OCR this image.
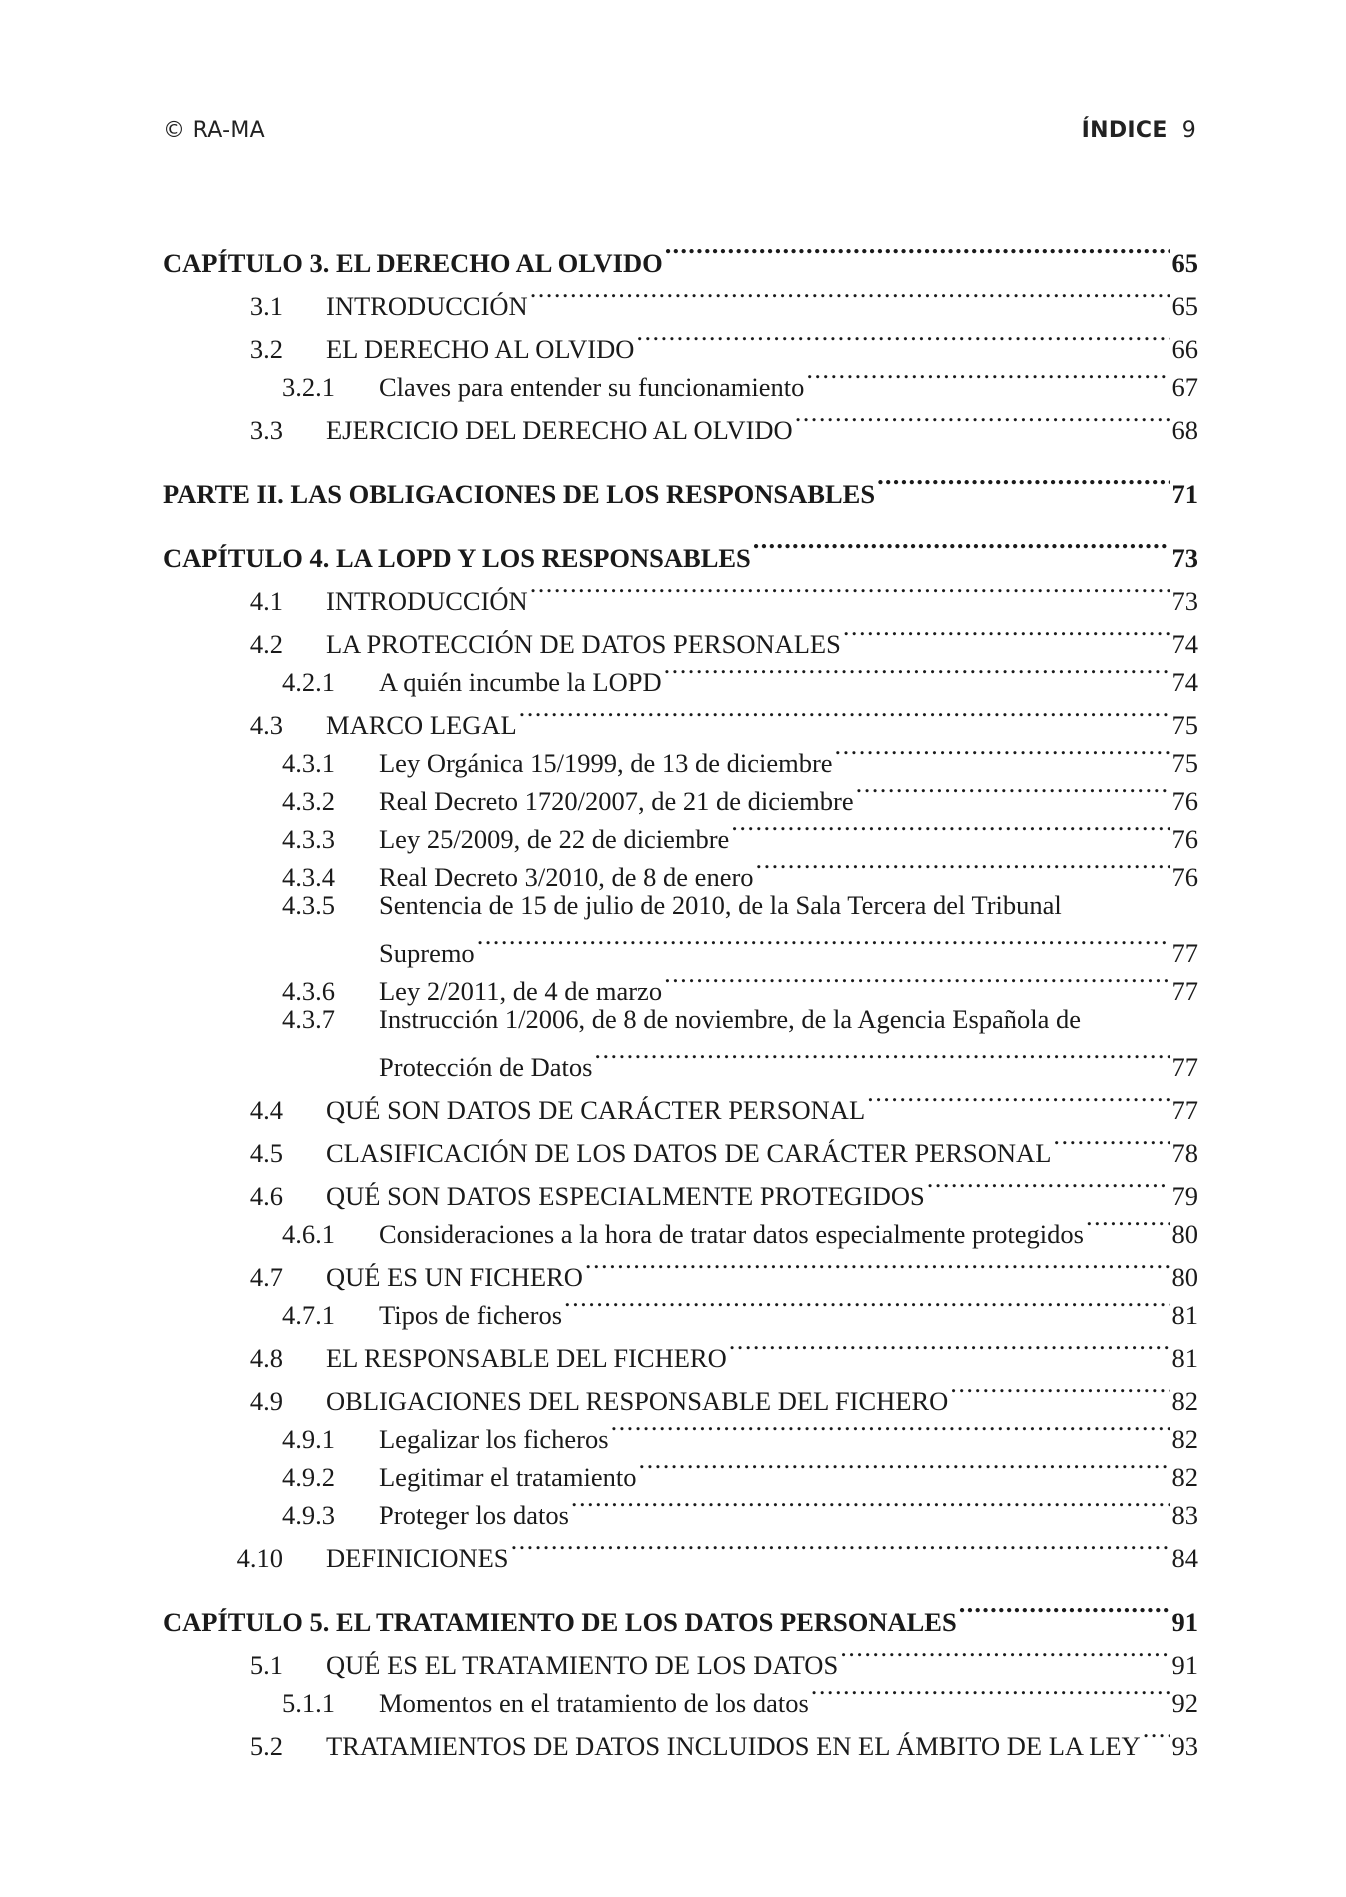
© RA-MA	ÍNDICE 9
CAPÍTULO 3. EL DERECHO AL OLVIDO . . .	65
3.1 INTRODUCCIÓN . . .	65
3.2 EL DERECHO AL OLVIDO . . .	66
3.2.1	Claves para entender su funcionamiento . . .	67
3.3 EJERCICIO DEL DERECHO AL OLVIDO . . .	68
PARTE II. LAS OBLIGACIONES DE LOS RESPONSABLES . . .	71
CAPÍTULO 4. LA LOPD Y LOS RESPONSABLES . . .	73
4.1 INTRODUCCIÓN . . .	73
4.2 LA PROTECCIÓN DE DATOS PERSONALES . . .	74
4.2.1	A quién incumbe la LOPD . . .	74
4.3 MARCO LEGAL . . .	75
4.3.1	Ley Orgánica 15/1999, de 13 de diciembre . . .	75
4.3.2	Real Decreto 1720/2007, de 21 de diciembre . . .	76
4.3.3	Ley 25/2009, de 22 de diciembre . . .	76
4.3.4	Real Decreto 3/2010, de 8 de enero . . .	76
4.3.5	Sentencia de 15 de julio de 2010, de la Sala Tercera del Tribunal
Supremo . . .	77
4.3.6	Ley 2/2011, de 4 de marzo . . .	77
4.3.7	Instrucción 1/2006, de 8 de noviembre, de la Agencia Española de
Protección de Datos . . .	77
4.4 QUÉ SON DATOS DE CARÁCTER PERSONAL . . .	77
4.5 CLASIFICACIÓN DE LOS DATOS DE CARÁCTER PERSONAL . . .	78
4.6 QUÉ SON DATOS ESPECIALMENTE PROTEGIDOS . . .	79
4.6.1	Consideraciones a la hora de tratar datos especialmente protegidos . . .	80
4.7 QUÉ ES UN FICHERO . . .	80
4.7.1	Tipos de ficheros . . .	81
4.8 EL RESPONSABLE DEL FICHERO . . .	81
4.9 OBLIGACIONES DEL RESPONSABLE DEL FICHERO . . .	82
4.9.1	Legalizar los ficheros . . .	82
4.9.2	Legitimar el tratamiento . . .	82
4.9.3	Proteger los datos . . .	83
4.10 DEFINICIONES . . .	84
CAPÍTULO 5. EL TRATAMIENTO DE LOS DATOS PERSONALES . . .	91
5.1 QUÉ ES EL TRATAMIENTO DE LOS DATOS . . .	91
5.1.1	Momentos en el tratamiento de los datos . . .	92
5.2 TRATAMIENTOS DE DATOS INCLUIDOS EN EL ÁMBITO DE LA LEY . . . 93
